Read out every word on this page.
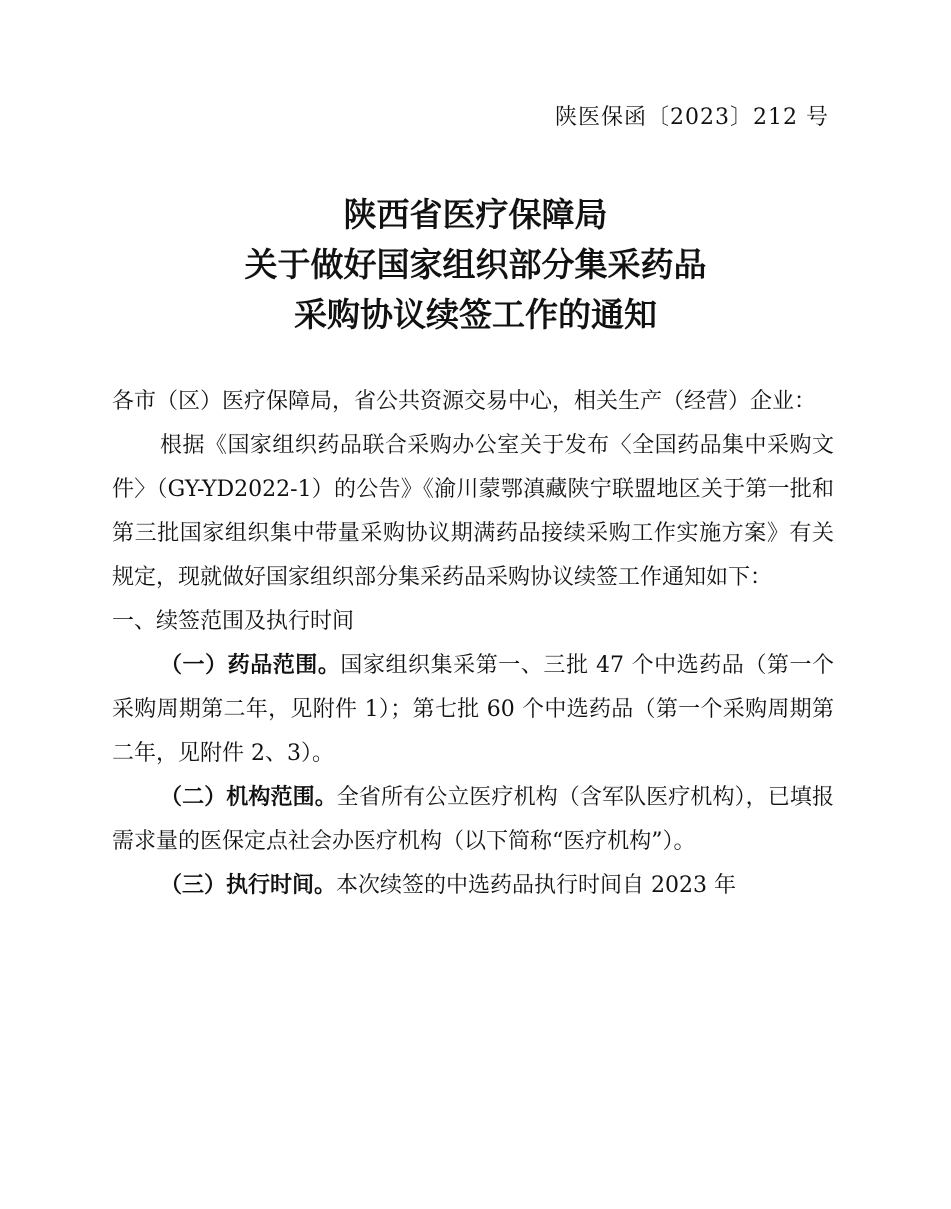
陕医保函〔2023〕212 号
陕西省医疗保障局
关于做好国家组织部分集采药品
采购协议续签工作的通知

各市（区）医疗保障局，省公共资源交易中心，相关生产（经营）企业：

根据《国家组织药品联合采购办公室关于发布〈全国药品集中采购文件〉（GY-YD2022-1）的公告》《渝川蒙鄂滇藏陕宁联盟地区关于第一批和第三批国家组织集中带量采购协议期满药品接续采购工作实施方案》有关规定，现就做好国家组织部分集采药品采购协议续签工作通知如下：

一、续签范围及执行时间

（一）药品范围。国家组织集采第一、三批 47 个中选药品（第一个采购周期第二年，见附件 1）；第七批 60 个中选药品（第一个采购周期第二年，见附件 2、3）。

（二）机构范围。全省所有公立医疗机构（含军队医疗机构），已填报需求量的医保定点社会办医疗机构（以下简称“医疗机构”）。

（三）执行时间。本次续签的中选药品执行时间自 2023 年
